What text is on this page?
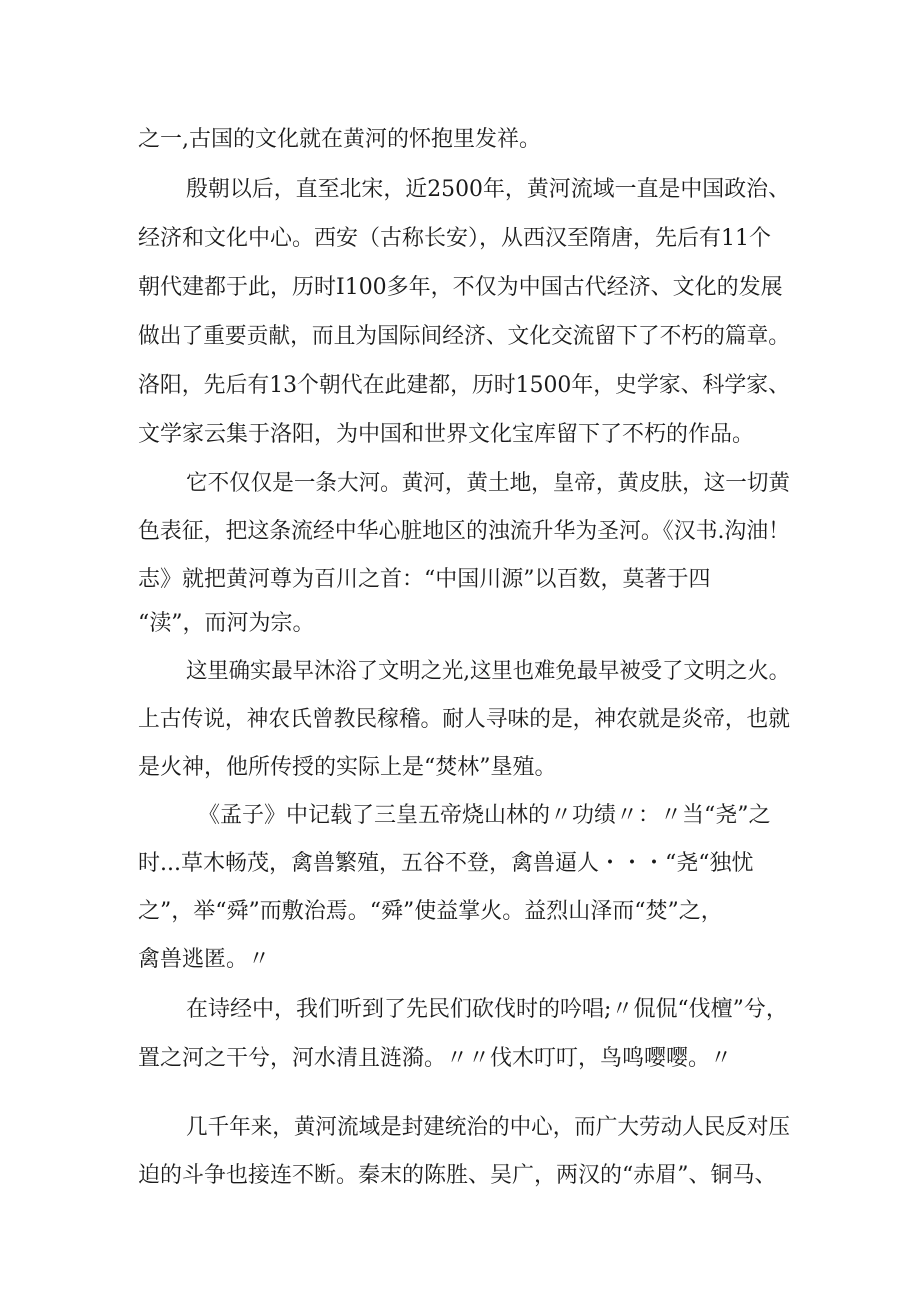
之一,古国的文化就在黄河的怀抱里发祥。
殷朝以后，直至北宋，近2500年，黄河流域一直是中国政治、
经济和文化中心。西安（古称长安），从西汉至隋唐，先后有11个
朝代建都于此，历时I100多年，不仅为中国古代经济、文化的发展
做出了重要贡献，而且为国际间经济、文化交流留下了不朽的篇章。
洛阳，先后有13个朝代在此建都，历时1500年，史学家、科学家、
文学家云集于洛阳，为中国和世界文化宝库留下了不朽的作品。
它不仅仅是一条大河。黄河，黄土地，皇帝，黄皮肤，这一切黄
色表征，把这条流经中华心脏地区的浊流升华为圣河。《汉书.沟油！
志》就把黄河尊为百川之首：“中国川源”以百数，莫著于四
“渎”，而河为宗。
这里确实最早沐浴了文明之光,这里也难免最早被受了文明之火。
上古传说，神农氏曾教民稼稽。耐人寻味的是，神农就是炎帝，也就
是火神，他所传授的实际上是“焚林”垦殖。
《孟子》中记载了三皇五帝烧山林的〃功绩〃：〃当“尧”之
时...草木畅茂，禽兽繁殖，五谷不登，禽兽逼人・・・“尧“独忧
之”，举“舜”而敷治焉。“舜”使益掌火。益烈山泽而“焚”之，
禽兽逃匿。〃
在诗经中，我们听到了先民们砍伐时的吟唱;〃侃侃“伐檀”兮，
置之河之干兮，河水清且涟漪。〃〃伐木叮叮，鸟鸣嘤嘤。〃
几千年来，黄河流域是封建统治的中心，而广大劳动人民反对压
迫的斗争也接连不断。秦末的陈胜、吴广，两汉的“赤眉”、铜马、
